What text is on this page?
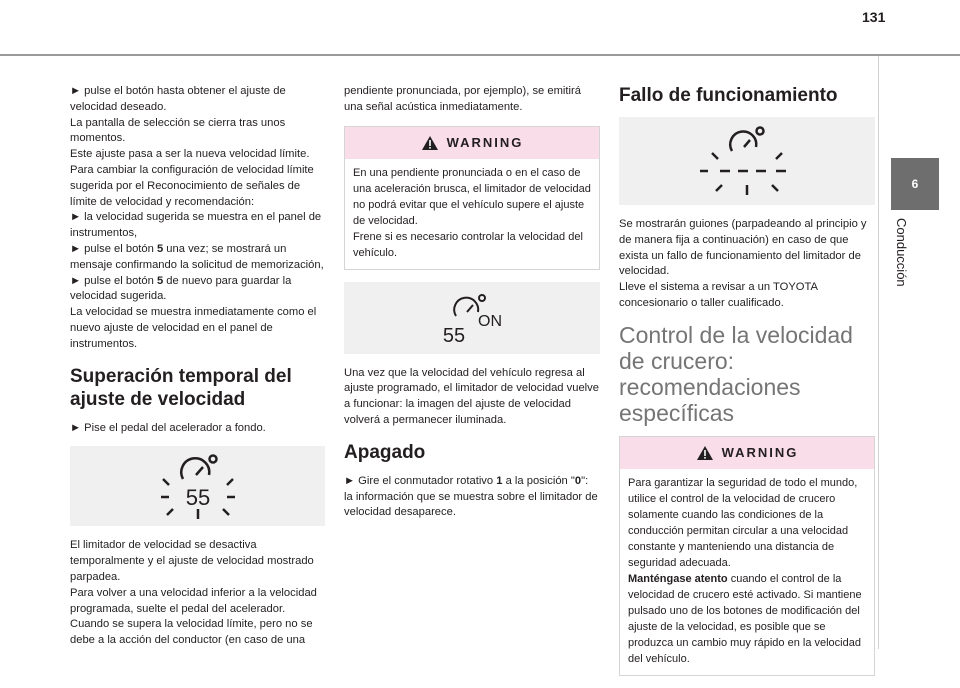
131
6
Conducción

► pulse el botón hasta obtener el ajuste de velocidad deseado.

La pantalla de selección se cierra tras unos momentos.

Este ajuste pasa a ser la nueva velocidad límite.

Para cambiar la configuración de velocidad límite sugerida por el Reconocimiento de señales de límite de velocidad y recomendación:

► la velocidad sugerida se muestra en el panel de instrumentos,

► pulse el botón 5 una vez; se mostrará un mensaje confirmando la solicitud de memorización,

► pulse el botón 5 de nuevo para guardar la velocidad sugerida.

La velocidad se muestra inmediatamente como el nuevo ajuste de velocidad en el panel de instrumentos.

Superación temporal del ajuste de velocidad

► Pise el pedal del acelerador a fondo.

55

El limitador de velocidad se desactiva temporalmente y el ajuste de velocidad mostrado parpadea.

Para volver a una velocidad inferior a la velocidad programada, suelte el pedal del acelerador.

Cuando se supera la velocidad límite, pero no se debe a la acción del conductor (en caso de una

pendiente pronunciada, por ejemplo), se emitirá una señal acústica inmediatamente.

WARNING
En una pendiente pronunciada o en el caso de una aceleración brusca, el limitador de velocidad no podrá evitar que el vehículo supere el ajuste de velocidad.
Frene si es necesario controlar la velocidad del vehículo.
55
ON

Una vez que la velocidad del vehículo regresa al ajuste programado, el limitador de velocidad vuelve a funcionar: la imagen del ajuste de velocidad volverá a permanecer iluminada.

Apagado

► Gire el conmutador rotativo 1 a la posición "0":

la información que se muestra sobre el limitador de velocidad desaparece.

Fallo de funcionamiento

Se mostrarán guiones (parpadeando al principio y de manera fija a continuación) en caso de que exista un fallo de funcionamiento del limitador de velocidad.

Lleve el sistema a revisar a un TOYOTA concesionario o taller cualificado.

Control de la velocidad de crucero: recomendaciones específicas
WARNING
Para garantizar la seguridad de todo el mundo, utilice el control de la velocidad de crucero solamente cuando las condiciones de la conducción permitan circular a una velocidad constante y manteniendo una distancia de seguridad adecuada.
Manténgase atento cuando el control de la velocidad de crucero esté activado. Si mantiene pulsado uno de los botones de modificación del ajuste de la velocidad, es posible que se produzca un cambio muy rápido en la velocidad del vehículo.
